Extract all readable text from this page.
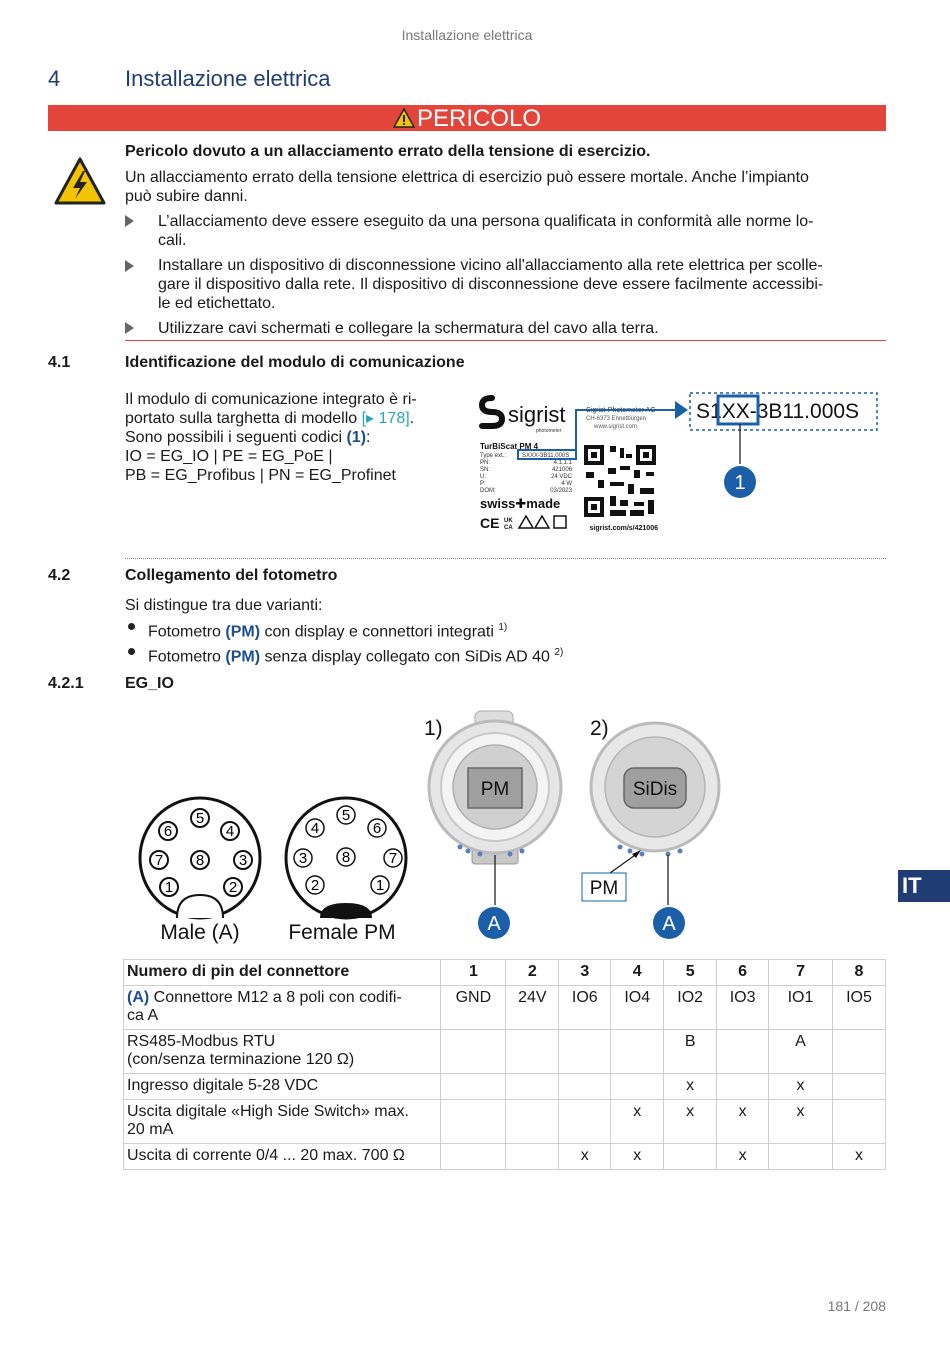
Installazione elettrica
4	Installazione elettrica
PERICOLO
Pericolo dovuto a un allacciamento errato della tensione di esercizio.
Un allacciamento errato della tensione elettrica di esercizio può essere mortale. Anche l’impianto
può subire danni.
L’allacciamento deve essere eseguito da una persona qualificata in conformità alle norme lo-
cali.
Installare un dispositivo di disconnessione vicino all'allacciamento alla rete elettrica per scolle-
gare il dispositivo dalla rete. Il dispositivo di disconnessione deve essere facilmente accessibi-
le ed etichettato.
Utilizzare cavi schermati e collegare la schermatura del cavo alla terra.
4.1	Identificazione del modulo di comunicazione
Il modulo di comunicazione integrato è ri-
portato sulla targhetta di modello [▸ 178].
Sono possibili i seguenti codici (1):
IO = EG_IO | PE = EG_PoE |
PB = EG_Profibus | PN = EG_Profinet
sigrist
photometer
Sigrist-Photometer AG
CH-6373 Ennetbürgen
www.sigrist.com
TurBiScat PM 4
Type ext.:	SXXX-3B11.000S
PN:	4.1.1.1
SN:	421006
U:	24 VDC
P:	4 W
DOM:	03/2023
swiss✚made
CE UK
CA	sigrist.com/s/421006
S1XX-3B11.000S
1
4.2	Collegamento del fotometro
Si distingue tra due varianti:
Fotometro (PM) con display e connettori integrati $^{1)}$
Fotometro (PM) senza display collegato con SiDis AD 40 $^{2)}$
4.2.1	EG_IO
5
4
3
2
1
7
6
8
Male (A)
5
6
7
1
2
3
4
8
Female PM
1)
PM
A
2)
SiDis
PM
A
Numero di pin del connettore	1	2	3	4	5	6	7	8
(A) Connettore M12 a 8 poli con codifi-
ca A	GND	24V	IO6	IO4	IO2	IO3	IO1	IO5
RS485-Modbus RTU
(con/senza terminazione 120 Ω)					B		A	
Ingresso digitale 5-28 VDC					x		x	
Uscita digitale «High Side Switch» max.
20 mA				x	x	x	x	
Uscita di corrente 0/4 ... 20 max. 700 Ω			x	x		x		x
IT
181 / 208
